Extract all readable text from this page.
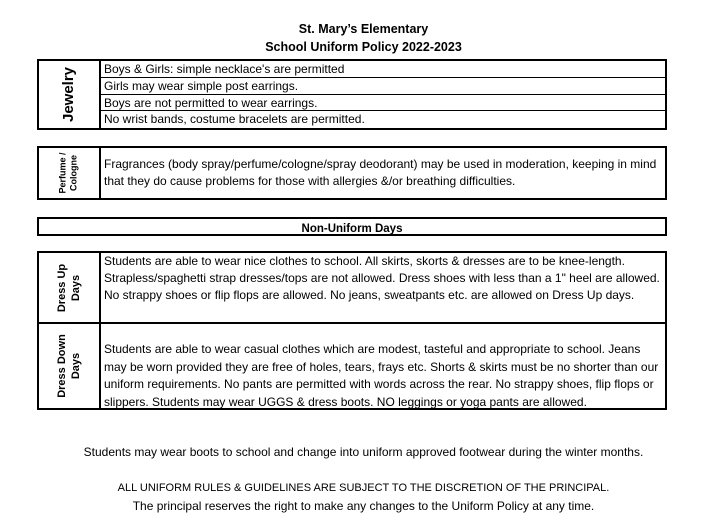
St. Mary’s Elementary
School Uniform Policy 2022-2023
Jewelry Boys & Girls: simple necklace's are permitted
Girls may wear simple post earrings.
Boys are not permitted to wear earrings.
No wrist bands, costume bracelets are permitted.
Perfume / Cologne Fragrances (body spray/perfume/cologne/spray deodorant) may be used in moderation, keeping in mind that they do cause problems for those with allergies &/or breathing difficulties.
Non-Uniform Days
Dress Up Days
Students are able to wear nice clothes to school. All skirts, skorts & dresses are to be knee-length. Strapless/spaghetti strap dresses/tops are not allowed. Dress shoes with less than a 1" heel are allowed. No strappy shoes or flip flops are allowed. No jeans, sweatpants etc. are allowed on Dress Up days.
Dress Down Days
Students are able to wear casual clothes which are modest, tasteful and appropriate to school. Jeans may be worn provided they are free of holes, tears, frays etc. Shorts & skirts must be no shorter than our uniform requirements. No pants are permitted with words across the rear. No strappy shoes, flip flops or slippers. Students may wear UGGS & dress boots. NO leggings or yoga pants are allowed.
Students may wear boots to school and change into uniform approved footwear during the winter months.
ALL UNIFORM RULES & GUIDELINES ARE SUBJECT TO THE DISCRETION OF THE PRINCIPAL.
The principal reserves the right to make any changes to the Uniform Policy at any time.
